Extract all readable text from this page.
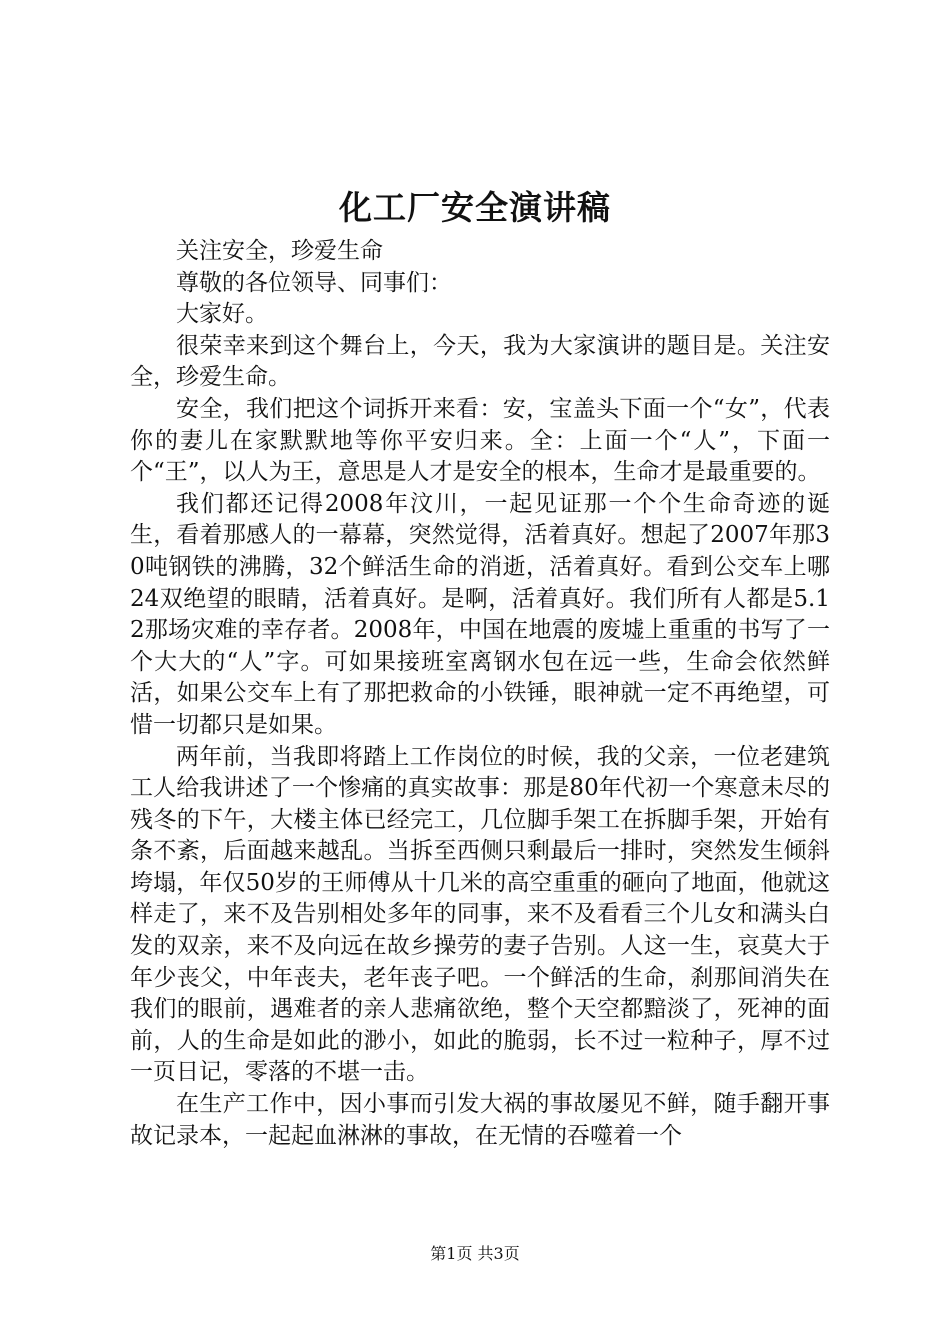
化工厂安全演讲稿

关注安全，珍爱生命

尊敬的各位领导、同事们：

大家好。

很荣幸来到这个舞台上，今天，我为大家演讲的题目是。关注安全，珍爱生命。

安全，我们把这个词拆开来看：安，宝盖头下面一个“女”，代表你的妻儿在家默默地等你平安归来。全：上面一个“人”，下面一个“王”，以人为王，意思是人才是安全的根本，生命才是最重要的。

我们都还记得2008年汶川，一起见证那一个个生命奇迹的诞生，看着那感人的一幕幕，突然觉得，活着真好。想起了2007年那30吨钢铁的沸腾，32个鲜活生命的消逝，活着真好。看到公交车上哪24双绝望的眼睛，活着真好。是啊，活着真好。我们所有人都是5.12那场灾难的幸存者。2008年，中国在地震的废墟上重重的书写了一个大大的“人”字。可如果接班室离钢水包在远一些，生命会依然鲜活，如果公交车上有了那把救命的小铁锤，眼神就一定不再绝望，可惜一切都只是如果。

两年前，当我即将踏上工作岗位的时候，我的父亲，一位老建筑工人给我讲述了一个惨痛的真实故事：那是80年代初一个寒意未尽的残冬的下午，大楼主体已经完工，几位脚手架工在拆脚手架，开始有条不紊，后面越来越乱。当拆至西侧只剩最后一排时，突然发生倾斜垮塌，年仅50岁的王师傅从十几米的高空重重的砸向了地面，他就这样走了，来不及告别相处多年的同事，来不及看看三个儿女和满头白发的双亲，来不及向远在故乡操劳的妻子告别。人这一生，哀莫大于年少丧父，中年丧夫，老年丧子吧。一个鲜活的生命，刹那间消失在我们的眼前，遇难者的亲人悲痛欲绝，整个天空都黯淡了，死神的面前，人的生命是如此的渺小，如此的脆弱，长不过一粒种子，厚不过一页日记，零落的不堪一击。

在生产工作中，因小事而引发大祸的事故屡见不鲜，随手翻开事故记录本，一起起血淋淋的事故，在无情的吞噬着一个

第1页 共3页
